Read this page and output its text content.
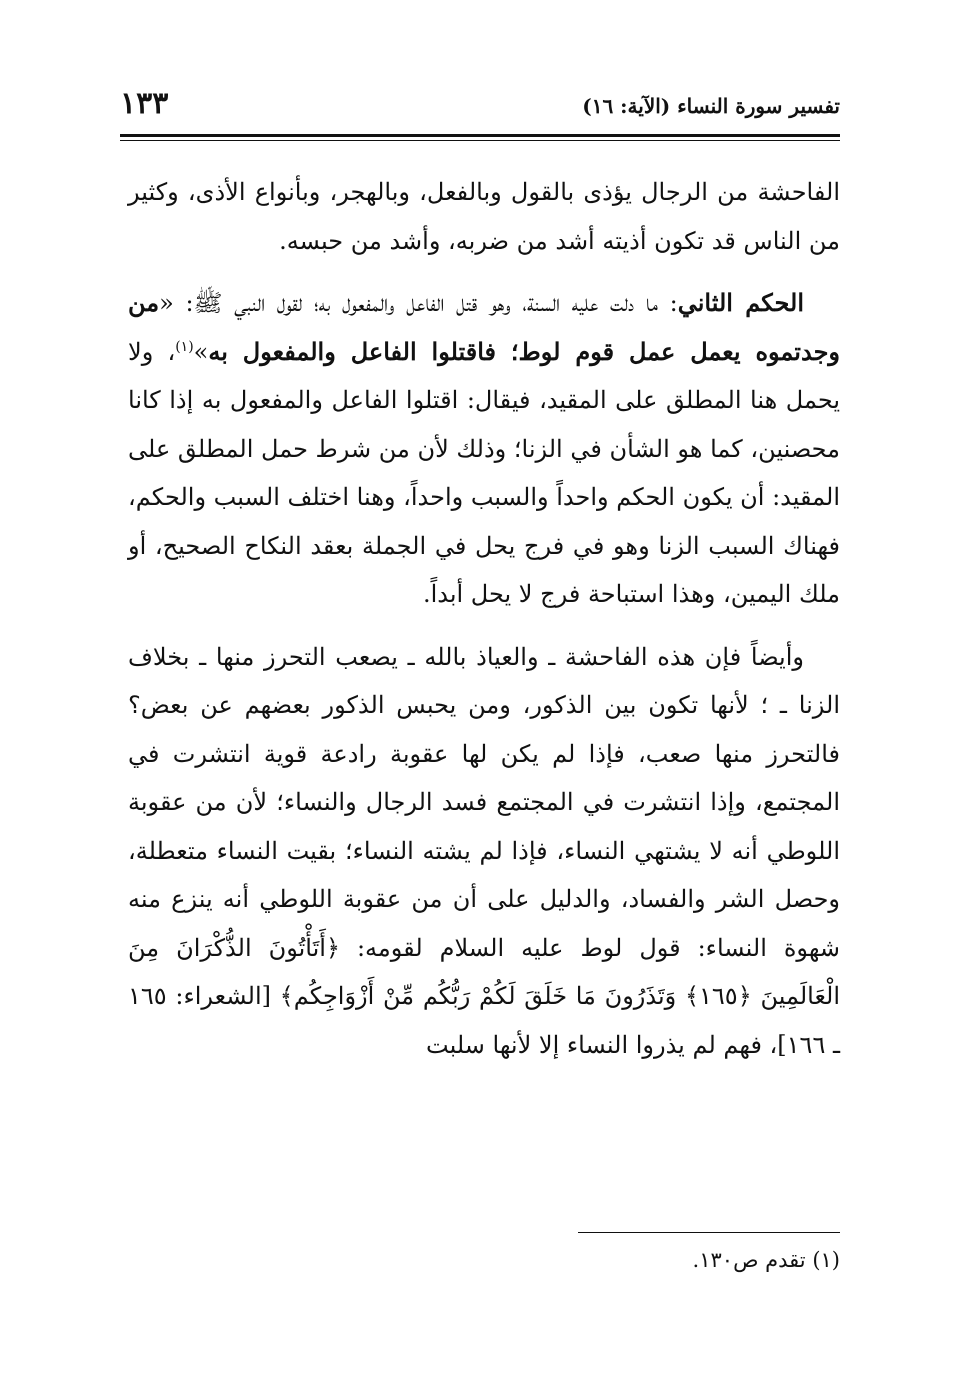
تفسير سورة النساء (الآية: ١٦)
١٣٣

الفاحشة من الرجال يؤذى بالقول وبالفعل، وبالهجر، وبأنواع الأذى، وكثير من الناس قد تكون أذيته أشد من ضربه، وأشد من حبسه.

الحكم الثاني: ما دلت عليه السنة، وهو قتل الفاعل والمفعول به؛ لقول النبي ﷺ: «من وجدتموه يعمل عمل قوم لوط؛ فاقتلوا الفاعل والمفعول به»$^{(١)}$، ولا يحمل هنا المطلق على المقيد، فيقال: اقتلوا الفاعل والمفعول به إذا كانا محصنين، كما هو الشأن في الزنا؛ وذلك لأن من شرط حمل المطلق على المقيد: أن يكون الحكم واحداً والسبب واحداً، وهنا اختلف السبب والحكم، فهناك السبب الزنا وهو في فرج يحل في الجملة بعقد النكاح الصحيح، أو ملك اليمين، وهذا استباحة فرج لا يحل أبداً.

وأيضاً فإن هذه الفاحشة ـ والعياذ بالله ـ يصعب التحرز منها ـ بخلاف الزنا ـ ؛ لأنها تكون بين الذكور، ومن يحبس الذكور بعضهم عن بعض؟ فالتحرز منها صعب، فإذا لم يكن لها عقوبة رادعة قوية انتشرت في المجتمع، وإذا انتشرت في المجتمع فسد الرجال والنساء؛ لأن من عقوبة اللوطي أنه لا يشتهي النساء، فإذا لم يشته النساء؛ بقيت النساء متعطلة، وحصل الشر والفساد، والدليل على أن من عقوبة اللوطي أنه ينزع منه شهوة النساء: قول لوط عليه السلام لقومه: ﴿أَتَأْتُونَ الذُّكْرَانَ مِنَ الْعَالَمِينَ ﴿١٦٥﴾ وَتَذَرُونَ مَا خَلَقَ لَكُمْ رَبُّكُم مِّنْ أَزْوَاجِكُم﴾ [الشعراء: ١٦٥ ـ ١٦٦]، فهم لم يذروا النساء إلا لأنها سلبت

(١) تقدم ص١٣٠.
